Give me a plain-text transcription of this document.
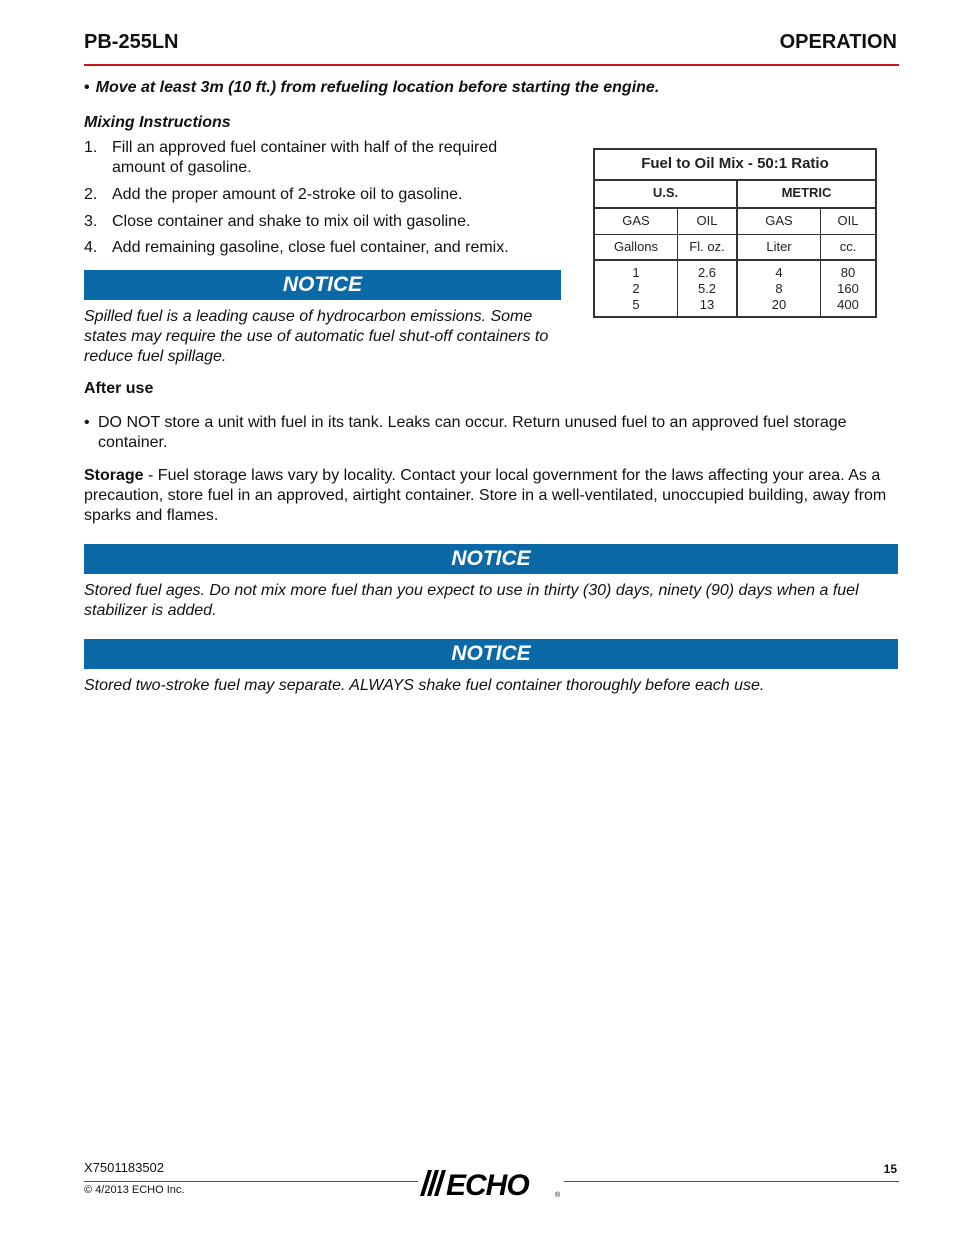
PB-255LN	OPERATION
• Move at least 3m (10 ft.) from refueling location before starting the engine.
Mixing Instructions
1. Fill an approved fuel container with half of the required amount of gasoline.
2. Add the proper amount of 2-stroke oil to gasoline.
3. Close container and shake to mix oil with gasoline.
4. Add remaining gasoline, close fuel container, and remix.
NOTICE
Spilled fuel is a leading cause of hydrocarbon emissions. Some states may require the use of automatic fuel shut-off containers to reduce fuel spillage.
Fuel to Oil Mix - 50:1 Ratio
U.S.	METRIC
GAS	OIL	GAS	OIL
Gallons	Fl. oz.	Liter	cc.
1	2.6	4	80
2	5.2	8	160
5	13	20	400
After use
• DO NOT store a unit with fuel in its tank. Leaks can occur. Return unused fuel to an approved fuel storage container.
Storage - Fuel storage laws vary by locality. Contact your local government for the laws affecting your area. As a precaution, store fuel in an approved, airtight container. Store in a well-ventilated, unoccupied building, away from sparks and flames.
NOTICE
Stored fuel ages. Do not mix more fuel than you expect to use in thirty (30) days, ninety (90) days when a fuel stabilizer is added.
NOTICE
Stored two-stroke fuel may separate. ALWAYS shake fuel container thoroughly before each use.
X7501183502
© 4/2013 ECHO Inc.
15
ECHO	®
